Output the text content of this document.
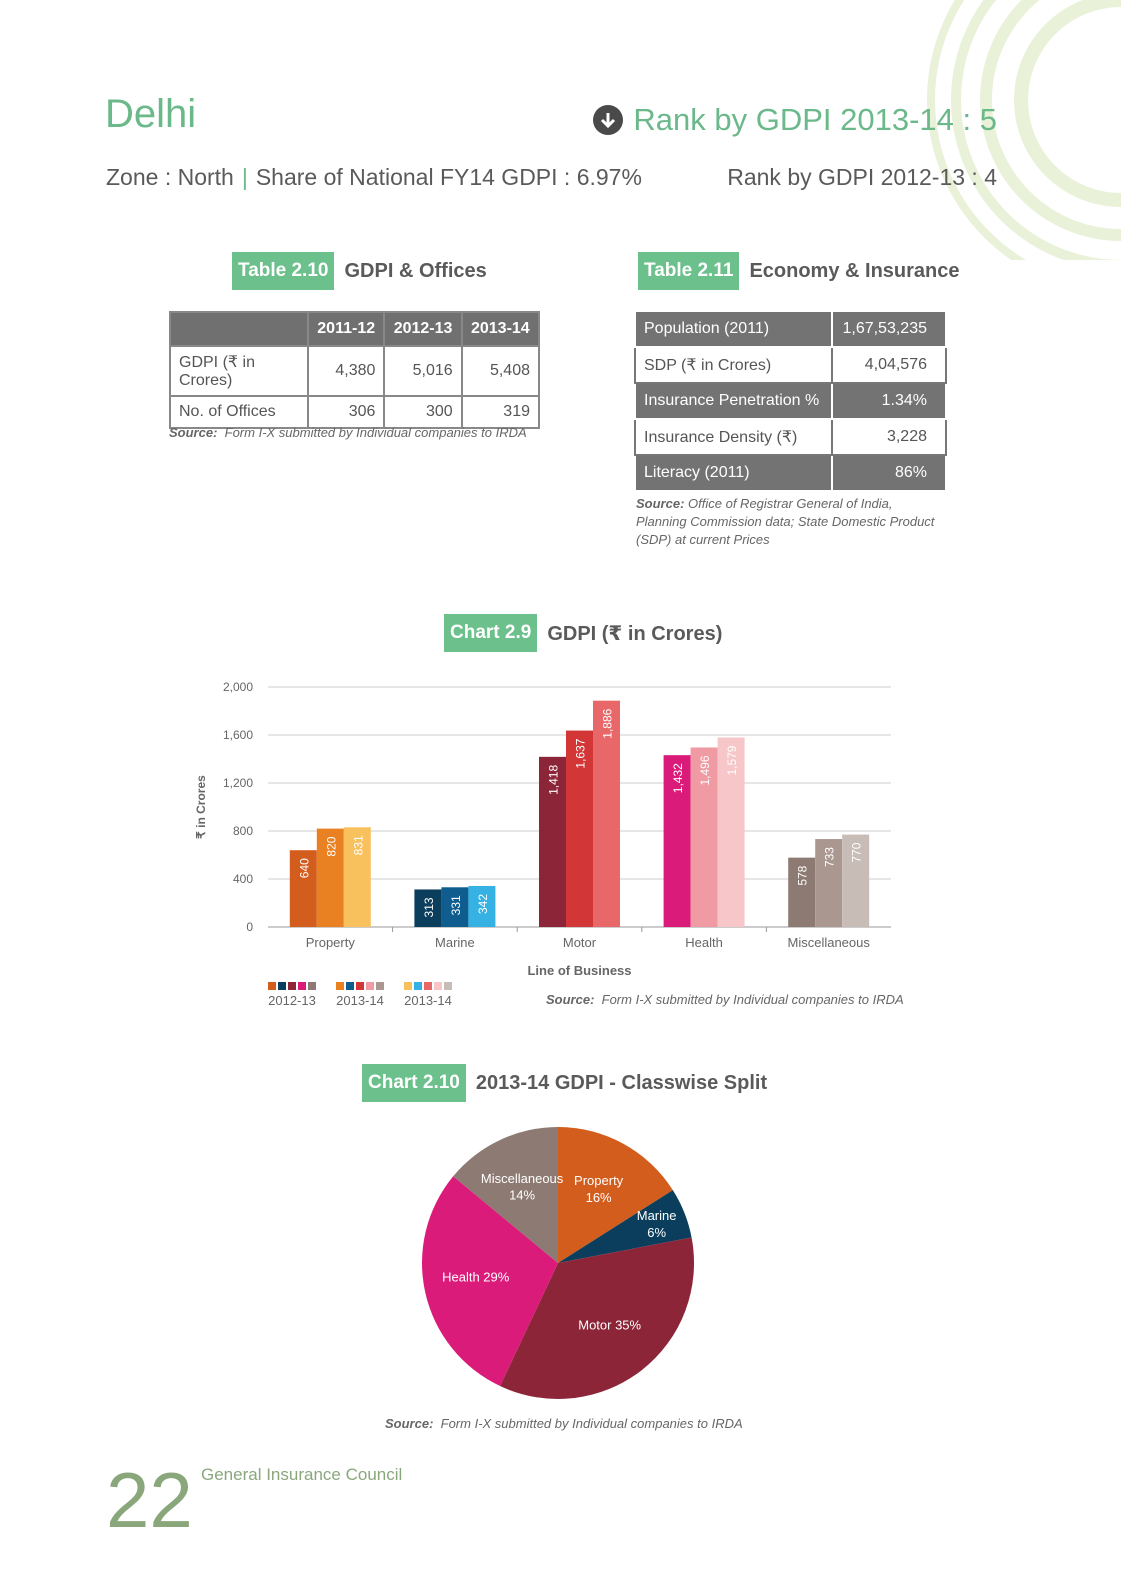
Delhi	Rank by GDPI 2013-14 : 5
Zone : North | Share of National FY14 GDPI : 6.97%	Rank by GDPI 2012-13 : 4
Table 2.10 GDPI & Offices
	2011-12	2012-13	2013-14
GDPI (₹ in Crores)	4,380	5,016	5,408
No. of Offices	306	300	319
Source: Form I-X submitted by Individual companies to IRDA
Table 2.11 Economy & Insurance
Population (2011)	1,67,53,235
SDP (₹ in Crores)	4,04,576
Insurance Penetration %	1.34%
Insurance Density (₹)	3,228
Literacy (2011)	86%
Source: Office of Registrar General of India, Planning Commission data; State Domestic Product (SDP) at current Prices
Chart 2.9 GDPI (₹ in Crores)
0
400
800
1,200
1,600
2,000
₹ in Crores
Property
640
820 831
Marine
313 331 342
Motor
1,418
1,637
1,886
Health
1,432 1,496 1,579
Miscellaneous
578
733 770
Line of Business
2012-13 2013-14 2013-14	Source: Form I-X submitted by Individual companies to IRDA
Chart 2.10 2013-14 GDPI - Classwise Split
Property 16%
Marine 6%
Motor 35%
Health 29%
Miscellaneous 14%
Source: Form I-X submitted by Individual companies to IRDA
22 General Insurance Council
